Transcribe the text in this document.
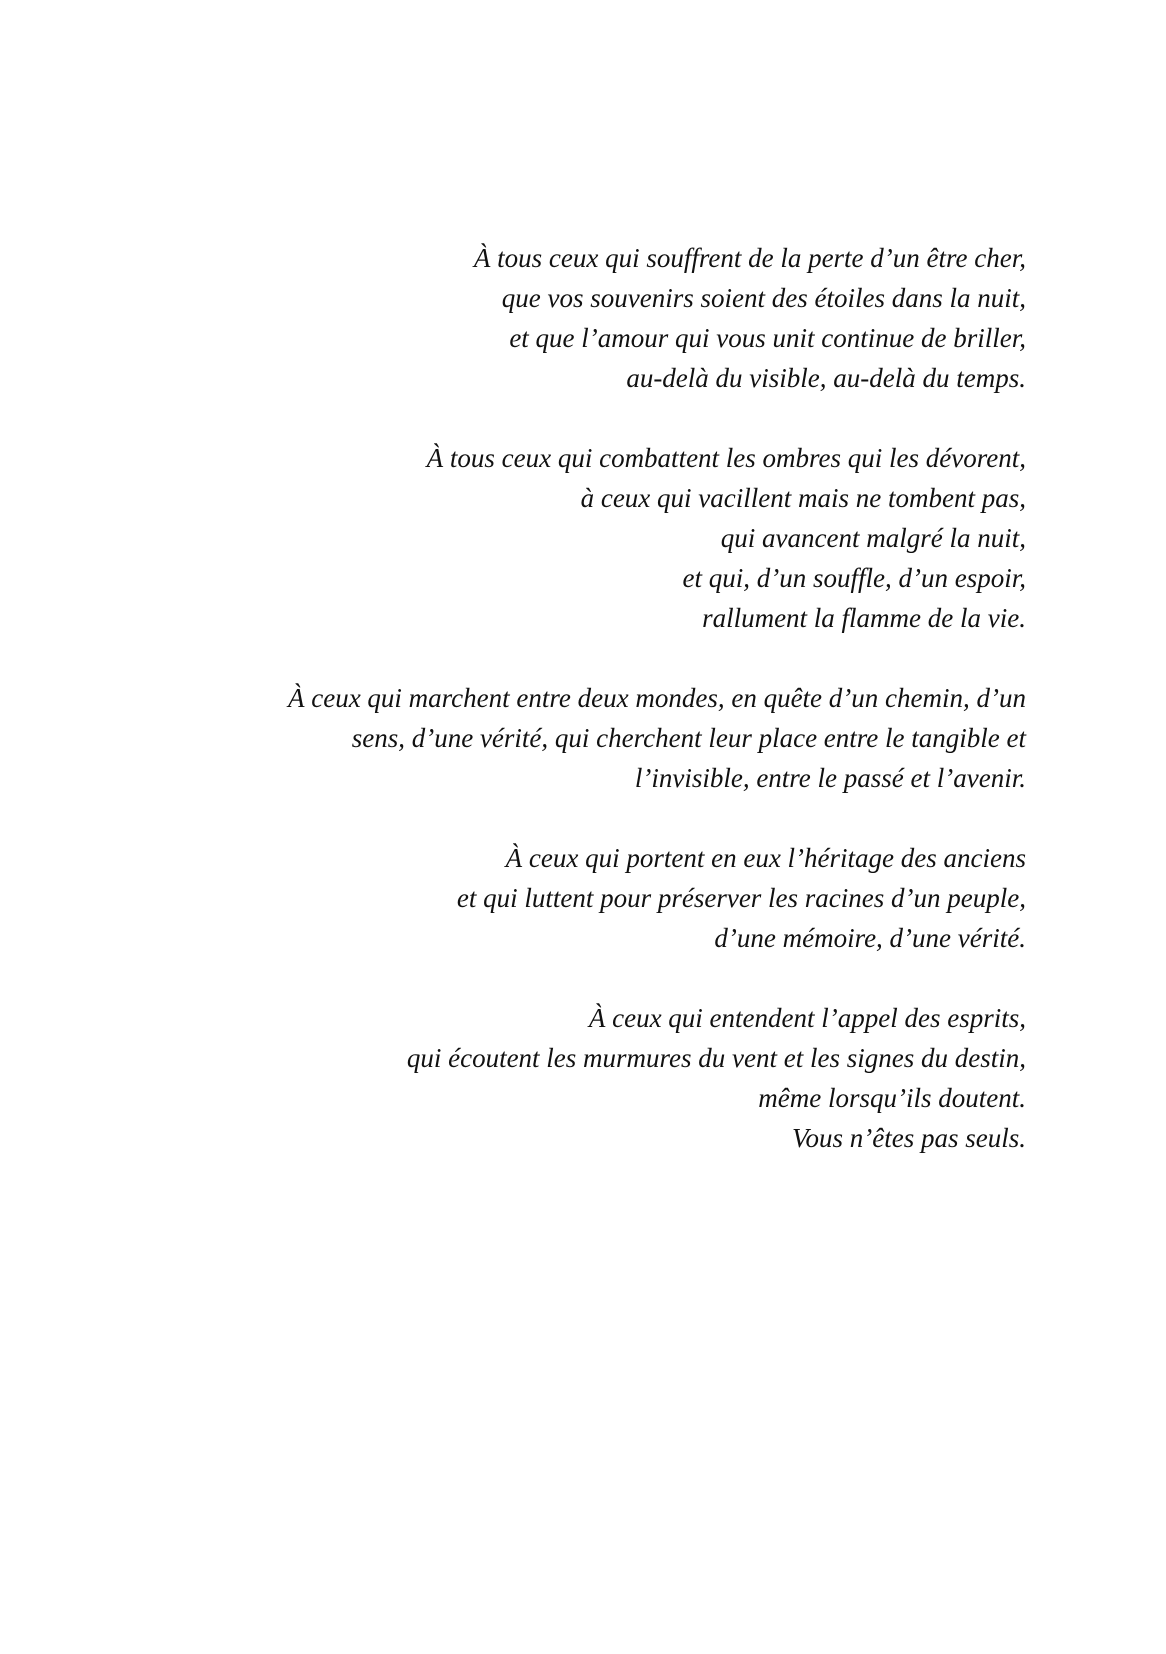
À tous ceux qui souffrent de la perte d’un être cher,
que vos souvenirs soient des étoiles dans la nuit,
et que l’amour qui vous unit continue de briller,
au-delà du visible, au-delà du temps.

À tous ceux qui combattent les ombres qui les dévorent,
à ceux qui vacillent mais ne tombent pas,
qui avancent malgré la nuit,
et qui, d’un souffle, d’un espoir,
rallument la flamme de la vie.

À ceux qui marchent entre deux mondes, en quête d’un chemin, d’un
sens, d’une vérité, qui cherchent leur place entre le tangible et
l’invisible, entre le passé et l’avenir.

À ceux qui portent en eux l’héritage des anciens
et qui luttent pour préserver les racines d’un peuple,
d’une mémoire, d’une vérité.

À ceux qui entendent l’appel des esprits,
qui écoutent les murmures du vent et les signes du destin,
même lorsqu’ils doutent.
Vous n’êtes pas seuls.
